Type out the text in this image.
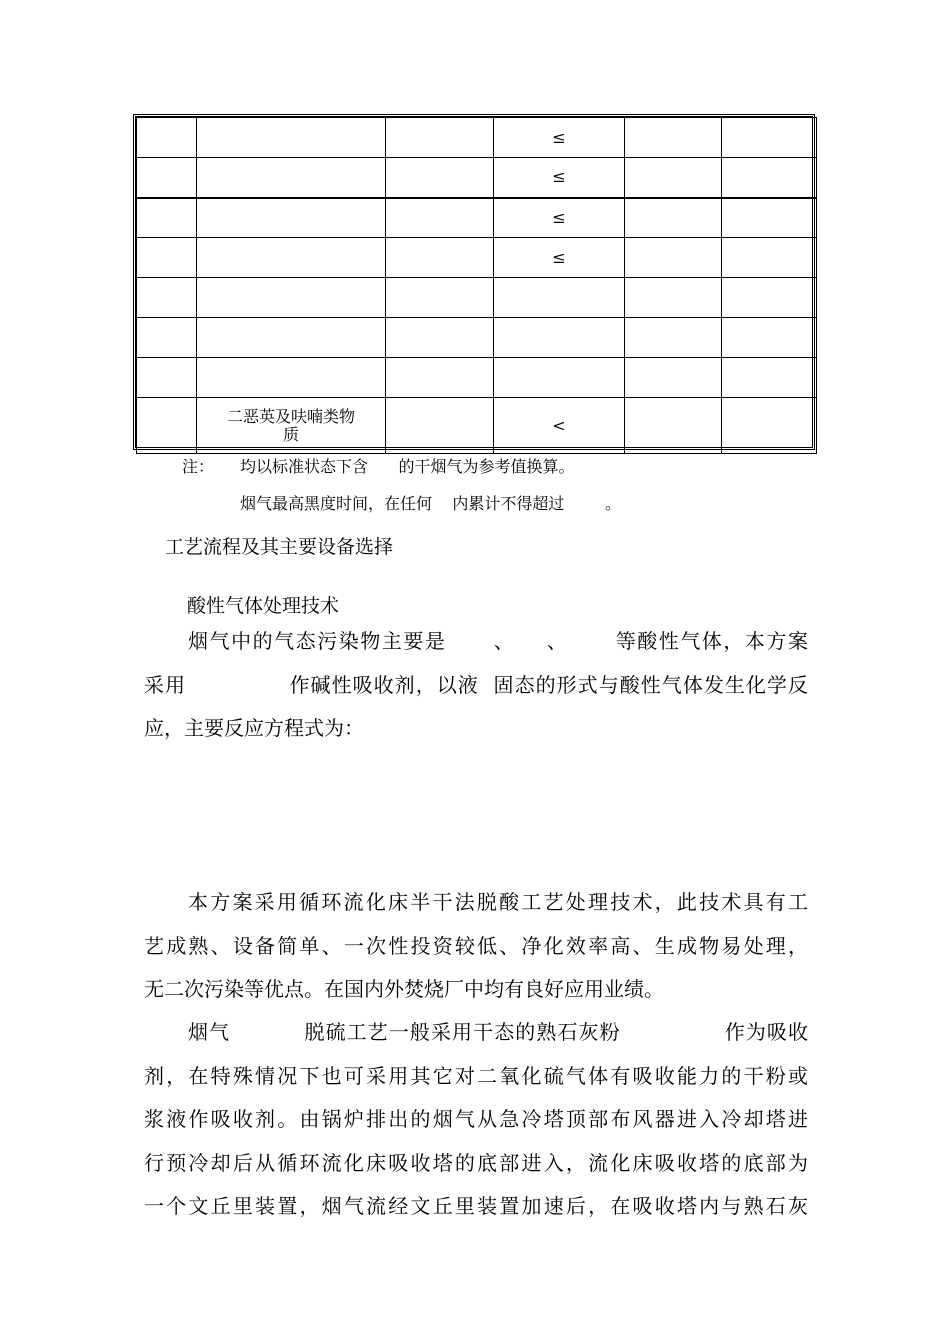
			≤		
			≤		
			≤		
			≤		

	二恶英及呋喃类物
质		<		
注： 均以标准状态下含      的干烟气为参考值换算。
烟气最高黑度时间，在任何    内累计不得超过        。
工艺流程及其主要设备选择
酸性气体处理技术
烟气中的气态污染物主要是      、    、      等酸性气体，本方案
采用              作碱性吸收剂，以液  固态的形式与酸性气体发生化学反
应，主要反应方程式为：
本方案采用循环流化床半干法脱酸工艺处理技术，此技术具有工
艺成熟、设备简单、一次性投资较低、净化效率高、生成物易处理，
无二次污染等优点。在国内外焚烧厂中均有良好应用业绩。
烟气          脱硫工艺一般采用干态的熟石灰粉              作为吸收
剂，在特殊情况下也可采用其它对二氧化硫气体有吸收能力的干粉或
浆液作吸收剂。由锅炉排出的烟气从急冷塔顶部布风器进入冷却塔进
行预冷却后从循环流化床吸收塔的底部进入，流化床吸收塔的底部为
一个文丘里装置，烟气流经文丘里装置加速后，在吸收塔内与熟石灰
